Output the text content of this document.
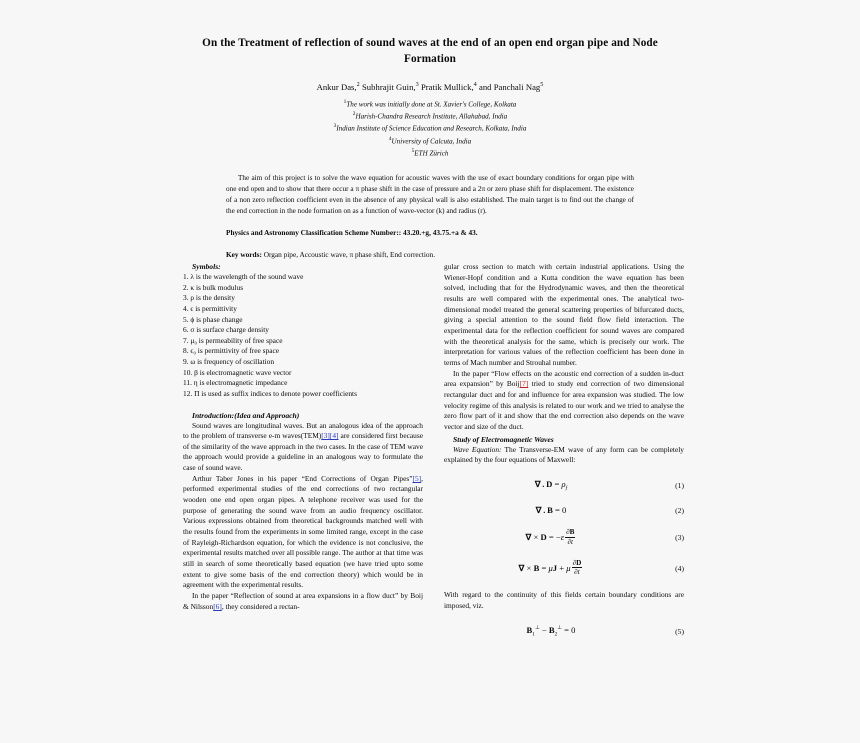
On the Treatment of reflection of sound waves at the end of an open end organ pipe and Node Formation
Ankur Das,$^2$ Subhrajit Guin,$^3$ Pratik Mullick,$^4$ and Panchali Nag$^5$
$^1$The work was initially done at St. Xavier's College, Kolkata
$^2$Harish-Chandra Research Institute, Allahabad, India
$^3$Indian Institute of Science Education and Research, Kolkata, India
$^4$University of Calcuta, India
$^5$ETH Zürich
The aim of this project is to solve the wave equation for acoustic waves with the use of exact boundary conditions for organ pipe with one end open and to show that there occur a π phase shift in the case of pressure and a 2π or zero phase shift for displacement. The existence of a non zero reflection coefficient even in the absence of any physical wall is also established. The main target is to find out the change of the end correction in the node formation on as a function of wave-vector (k) and radius (r).
Physics and Astronomy Classification Scheme Number:: 43.20.+g, 43.75.+a & 43.
Key words: Organ pipe, Accoustic wave, π phase shift, End correction.
Symbols:
1. λ is the wavelength of the sound wave
2. κ is bulk modulus
3. ρ is the density
4. ϵ is permittivity
5. ϕ is phase change
6. σ is surface charge density
7. μ₀ is permeability of free space
8. ϵ₀ is permittivity of free space
9. ω is frequency of oscillation
10. β is electromagnetic wave vector
11. η is electromagnetic impedance
12. Π is used as suffix indices to denote power coefficients
Introduction:(Idea and Approach)

Sound waves are longitudinal waves. But an analogous idea of the approach to the problem of transverse e-m waves(TEM)[3][4] are considered first because of the similarity of the wave approach in the two cases. In the case of TEM wave the approach would provide a guideline in an analogous way to formulate the case of sound wave.

Arthur Taber Jones in his paper “End Corrections of Organ Pipes”[5], performed experimental studies of the end corrections of two rectangular wooden one end open organ pipes. A telephone receiver was used for the purpose of generating the sound wave from an audio frequency oscillator. Various expressions obtained from theoretical backgrounds matched well with the results found from the experiments in some limited range, except in the case of Rayleigh-Richardson equation, for which the evidence is not conclusive, the experimental results matched over all possible range. The author at that time was still in search of some theoretically based equation (we have tried upto some extent to give some basis of the end correction theory) which would be in agreement with the experimental results.

In the paper “Reflection of sound at area expansions in a flow duct” by Boij & Nilsson[6], they considered a rectan-

gular cross section to match with certain industrial applications. Using the Wiener-Hopf condition and a Kutta condition the wave equation has been solved, including that for the Hydrodynamic waves, and then the theoretical results are well compared with the experimental ones. The analytical two-dimensional model treated the general scattering properties of bifurcated ducts, giving a special attention to the sound field flow field interaction. The experimental data for the reflection coefficient for sound waves are compared with the theoretical analysis for the same, which is precisely our work. The interpretation for various values of the reflection coefficient has been done in terms of Mach number and Strouhal number.

In the paper “Flow effects on the acoustic end correction of a sudden in-duct area expansion” by Boij[7] tried to study end correction of two dimensional rectangular duct and for and influence for area expansion was studied. The low velocity regime of this analysis is related to our work and we tried to analyse the zero flow part of it and show that the end correction also depends on the wave vector and size of the duct.

Study of Electromagnetic Waves

Wave Equation: The Transverse-EM wave of any form can be completely explained by the four equations of Maxwell:

∇ . $D = \rho_f$	(1)
∇ . B = 0	(2)
∇ × $D = -\varepsilon \frac{\partial B}{\partial t}$	(3)
∇ × B = μJ + μ $\frac{\partial D}{\partial t}$	(4)

With regard to the continuity of this fields certain boundary conditions are imposed, viz.

$B_1^\perp - B_2^\perp = 0$	(5)
